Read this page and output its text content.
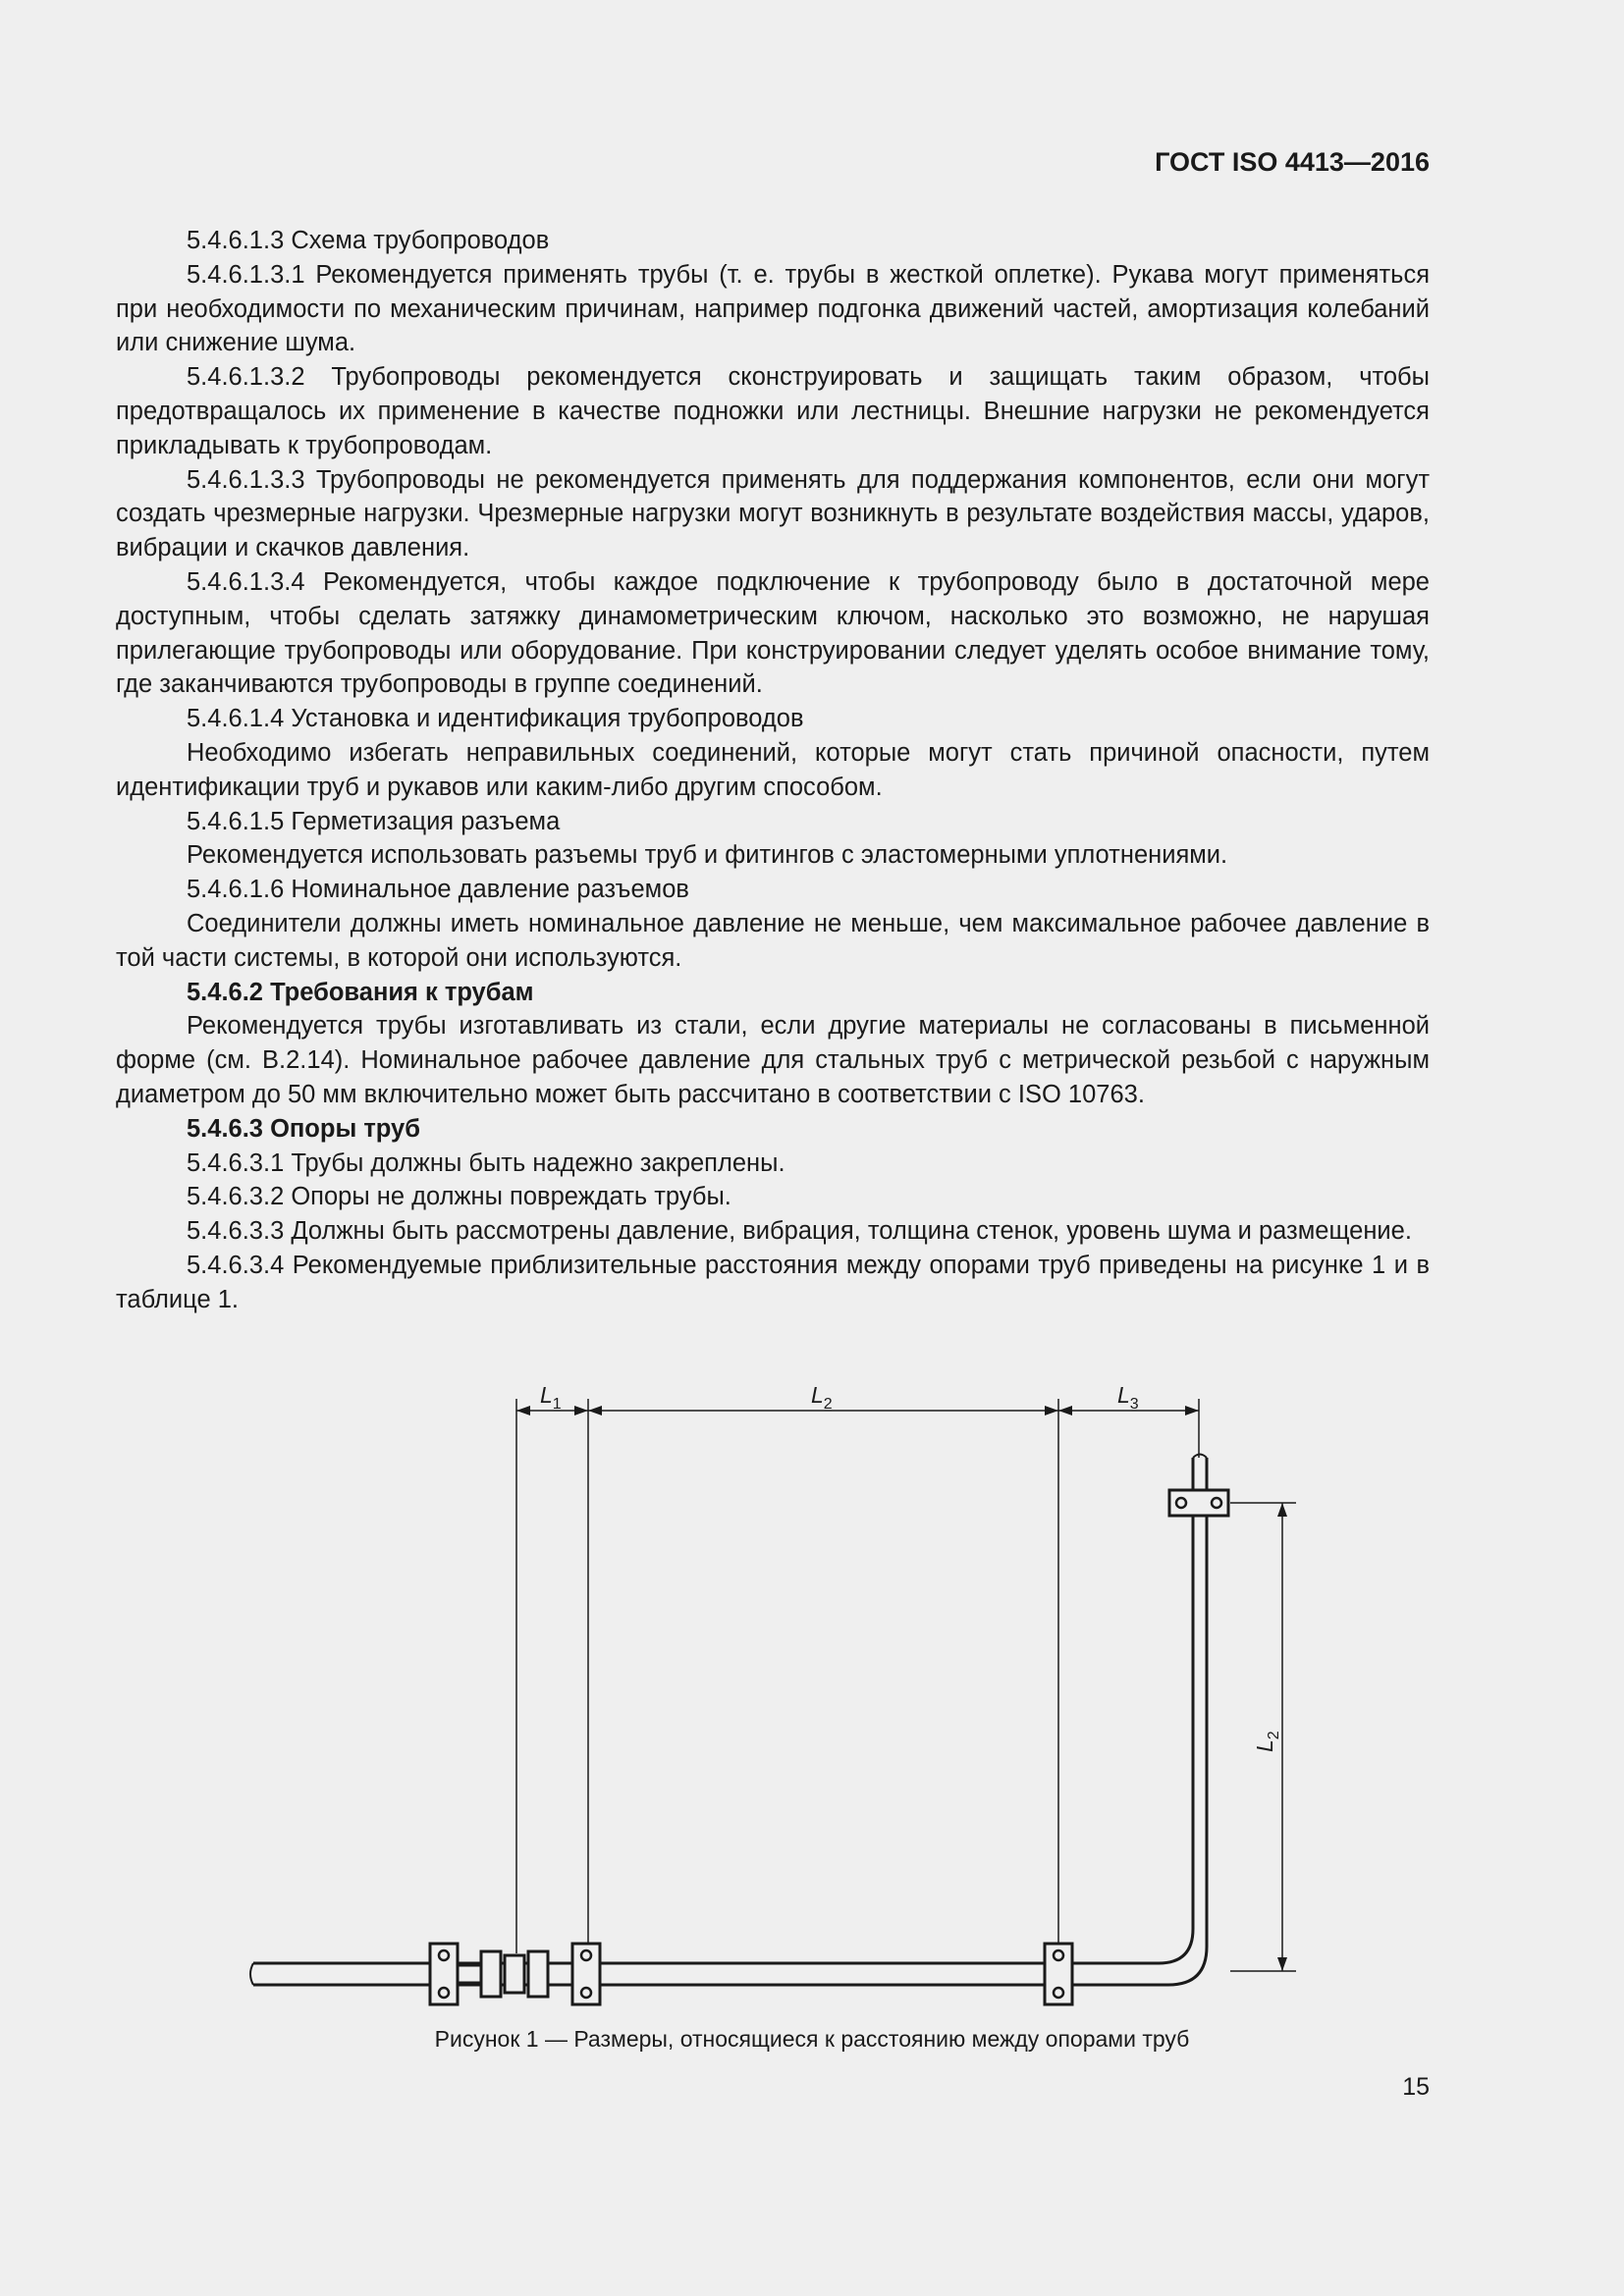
ГОСТ ISO 4413—2016

5.4.6.1.3 Схема трубопроводов

5.4.6.1.3.1 Рекомендуется применять трубы (т. е. трубы в жесткой оплетке). Рукава могут применяться при необходимости по механическим причинам, например подгонка движений частей, амортизация колебаний или снижение шума.

5.4.6.1.3.2 Трубопроводы рекомендуется сконструировать и защищать таким образом, чтобы предотвращалось их применение в качестве подножки или лестницы. Внешние нагрузки не рекомендуется прикладывать к трубопроводам.

5.4.6.1.3.3 Трубопроводы не рекомендуется применять для поддержания компонентов, если они могут создать чрезмерные нагрузки. Чрезмерные нагрузки могут возникнуть в результате воздействия массы, ударов, вибрации и скачков давления.

5.4.6.1.3.4 Рекомендуется, чтобы каждое подключение к трубопроводу было в достаточной мере доступным, чтобы сделать затяжку динамометрическим ключом, насколько это возможно, не нарушая прилегающие трубопроводы или оборудование. При конструировании следует уделять особое внимание тому, где заканчиваются трубопроводы в группе соединений.

5.4.6.1.4 Установка и идентификация трубопроводов

Необходимо избегать неправильных соединений, которые могут стать причиной опасности, путем идентификации труб и рукавов или каким-либо другим способом.

5.4.6.1.5 Герметизация разъема

Рекомендуется использовать разъемы труб и фитингов с эластомерными уплотнениями.

5.4.6.1.6 Номинальное давление разъемов

Соединители должны иметь номинальное давление не меньше, чем максимальное рабочее давление в той части системы, в которой они используются.

5.4.6.2 Требования к трубам

Рекомендуется трубы изготавливать из стали, если другие материалы не согласованы в письменной форме (см. В.2.14). Номинальное рабочее давление для стальных труб с метрической резьбой с наружным диаметром до 50 мм включительно может быть рассчитано в соответствии с ISO 10763.

5.4.6.3 Опоры труб

5.4.6.3.1 Трубы должны быть надежно закреплены.

5.4.6.3.2 Опоры не должны повреждать трубы.

5.4.6.3.3 Должны быть рассмотрены давление, вибрация, толщина стенок, уровень шума и размещение.

5.4.6.3.4 Рекомендуемые приблизительные расстояния между опорами труб приведены на рисунке 1 и в таблице 1.

$L_1$	$L_2$	$L_3$
$L_2$
Рисунок 1 — Размеры, относящиеся к расстоянию между опорами труб
15
